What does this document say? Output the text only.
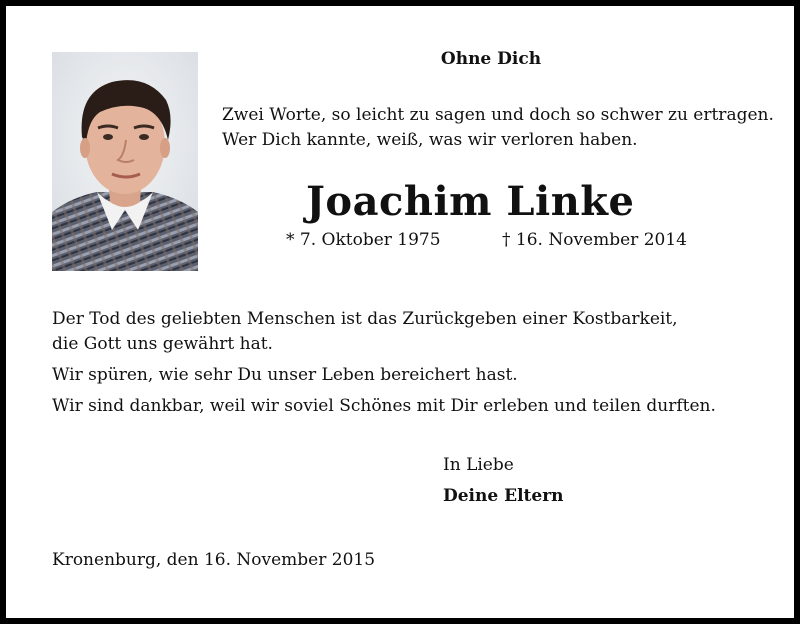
Ohne Dich
Zwei Worte, so leicht zu sagen und doch so schwer zu ertragen.
Wer Dich kannte, weiß, was wir verloren haben.
Joachim Linke
* 7. Oktober 1975	† 16. November 2014
Der Tod des geliebten Menschen ist das Zurückgeben einer Kostbarkeit,
die Gott uns gewährt hat.
Wir spüren, wie sehr Du unser Leben bereichert hast.
Wir sind dankbar, weil wir soviel Schönes mit Dir erleben und teilen durften.
In Liebe
Deine Eltern
Kronenburg, den 16. November 2015
